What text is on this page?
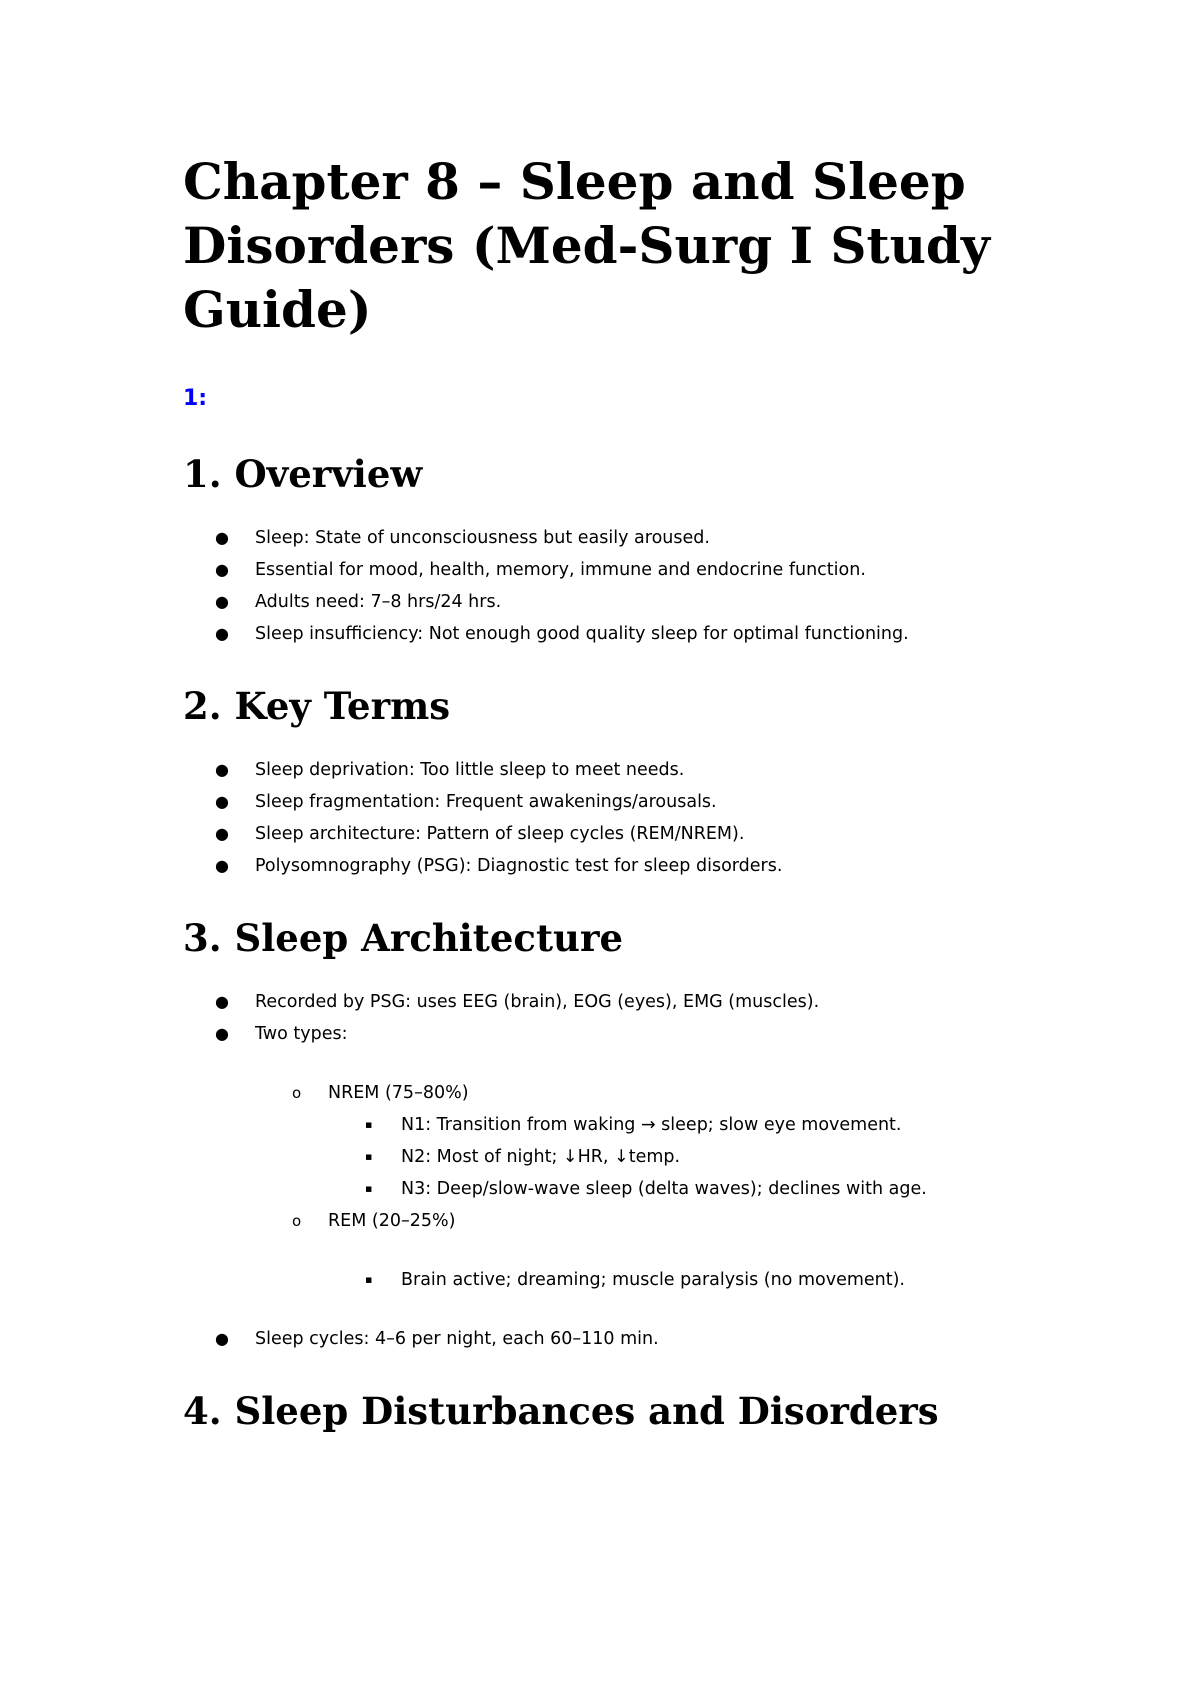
Chapter 8 – Sleep and Sleep Disorders (Med-Surg I Study Guide)
1:
1. Overview
● Sleep: State of unconsciousness but easily aroused.
● Essential for mood, health, memory, immune and endocrine function.
● Adults need: 7–8 hrs/24 hrs.
● Sleep insufficiency: Not enough good quality sleep for optimal functioning.
2. Key Terms
● Sleep deprivation: Too little sleep to meet needs.
● Sleep fragmentation: Frequent awakenings/arousals.
● Sleep architecture: Pattern of sleep cycles (REM/NREM).
● Polysomnography (PSG): Diagnostic test for sleep disorders.
3. Sleep Architecture
● Recorded by PSG: uses EEG (brain), EOG (eyes), EMG (muscles).
● Two types:
o NREM (75–80%)
▪ N1: Transition from waking → sleep; slow eye movement.
▪ N2: Most of night; ↓HR, ↓temp.
▪ N3: Deep/slow-wave sleep (delta waves); declines with age.
o REM (20–25%)
▪ Brain active; dreaming; muscle paralysis (no movement).
● Sleep cycles: 4–6 per night, each 60–110 min.
4. Sleep Disturbances and Disorders
